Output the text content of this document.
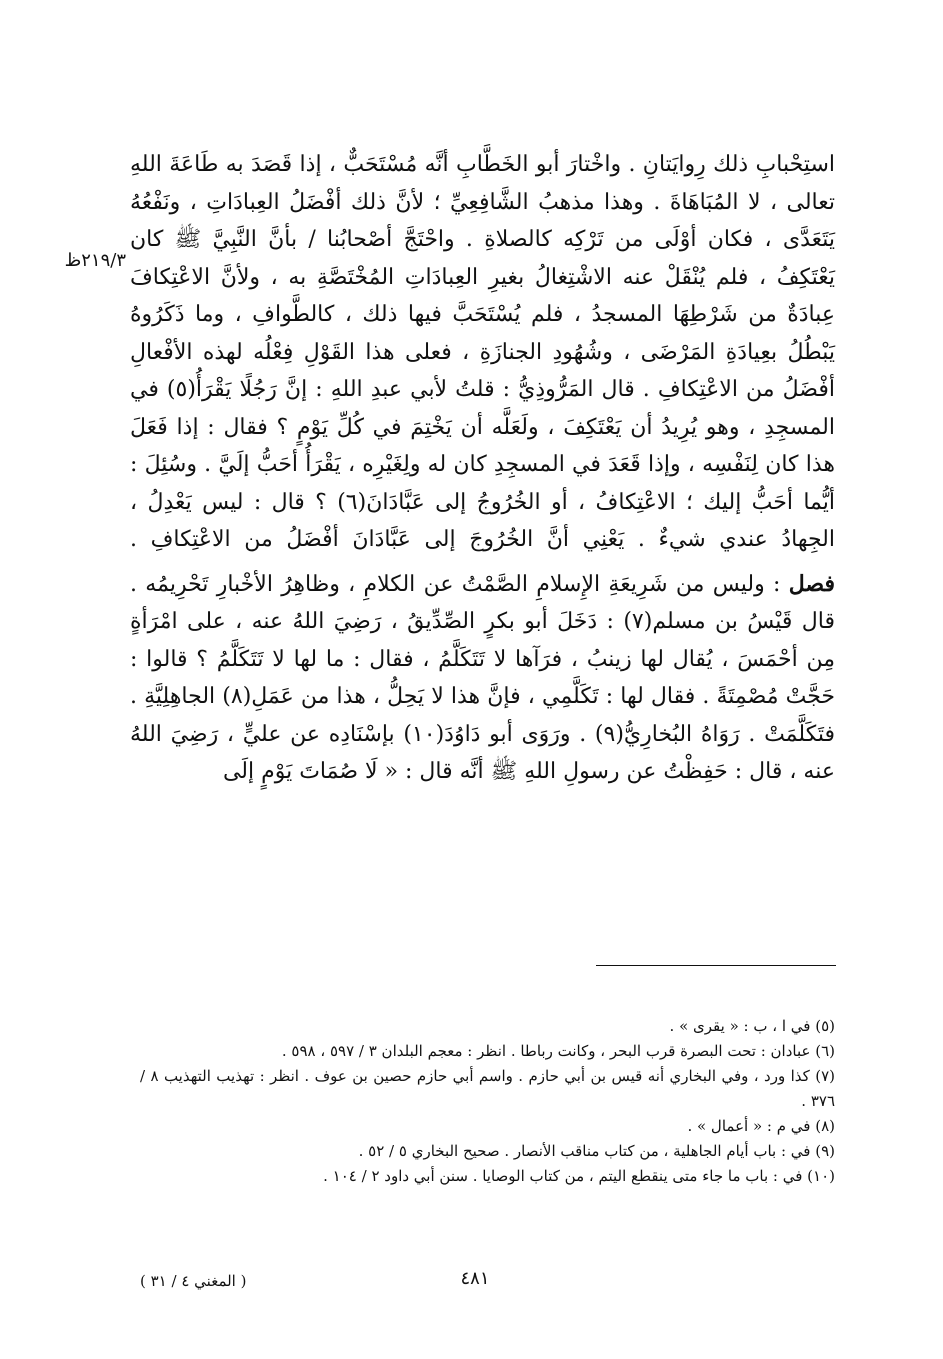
٢١٩/٣ظ

استِحْبابِ ذلك رِوايَتانِ . واخْتارَ أبو الخَطَّابِ أنَّه مُسْتَحَبٌّ ، إذا قَصَدَ به طَاعَةَ اللهِ تعالى ، لا المُبَاهَاةَ . وهذا مذهبُ الشَّافِعِيِّ ؛ لأنَّ ذلك أفْضَلُ العِبادَاتِ ، ونَفْعُهُ يَتَعَدَّى ، فكان أوْلَى من تَرْكِه كالصلاةِ . واحْتَجَّ أصْحابُنا / بأنَّ النَّبِيَّ ﷺ كان يَعْتَكِفُ ، فلم يُنْقَلْ عنه الاشْتِغالُ بغيرِ العِبادَاتِ المُخْتَصَّةِ به ، ولأنَّ الاعْتِكافَ عِبادَةٌ من شَرْطِهَا المسجدُ ، فلم يُسْتَحَبَّ فيها ذلك ، كالطَّوافِ ، وما ذَكَرُوهُ يَبْطُلُ بعِيادَةِ المَرْضَى ، وشُهُودِ الجنازَةِ ، فعلى هذا القَوْلِ فِعْلُه لهذه الأفْعالِ أفْضَلُ من الاعْتِكافِ . قال المَرُّوذِيُّ : قلتُ لأبي عبدِ اللهِ : إنَّ رَجُلًا يَقْرَأُ(٥) في المسجِدِ ، وهو يُرِيدُ أن يَعْتَكِفَ ، ولَعَلَّه أن يَخْتِمَ في كُلِّ يَوْمٍ ؟ فقال : إذا فَعَلَ هذا كان لِنَفْسِه ، وإذا قَعَدَ في المسجِدِ كان له ولِغَيْرِه ، يَقْرَأُ أحَبُّ إلَيَّ . وسُئِلَ : أيُّما أحَبُّ إليك ؛ الاعْتِكافُ ، أو الخُرُوجُ إلى عَبَّادَانَ(٦) ؟ قال : ليس يَعْدِلُ ، الجِهادُ عندي شيءٌ . يَعْنِي أنَّ الخُرُوجَ إلى عَبَّادَانَ أفْضَلُ من الاعْتِكافِ .

فصل : وليس من شَرِيعَةِ الإِسلامِ الصَّمْتُ عن الكلامِ ، وظاهِرُ الأخْبارِ تَحْرِيمُه . قال قَيْسُ بن مسلم(٧) : دَخَلَ أبو بكرٍ الصِّدِّيقُ ، رَضِيَ اللهُ عنه ، على امْرَأةٍ مِن أحْمَسَ ، يُقال لها زينبُ ، فرَآها لا تَتَكَلَّمُ ، فقال : ما لها لا تَتَكَلَّمُ ؟ قالوا : حَجَّتْ مُصْمِتَةً . فقال لها : تَكَلَّمِي ، فإنَّ هذا لا يَحِلُّ ، هذا من عَمَلِ(٨) الجاهِلِيَّةِ . فتَكَلَّمَتْ . رَوَاهُ البُخارِيُّ(٩) . ورَوَى أبو دَاوُدَ(١٠) بإسْنَادِه عن عليٍّ ، رَضِيَ اللهُ عنه ، قال : حَفِظْتُ عن رسولِ اللهِ ﷺ أنَّه قال : « لَا صُمَاتَ يَوْمٍ إلَى

(٥) في ا ، ب : « يقرى » .

(٦) عبادان : تحت البصرة قرب البحر ، وكانت رباطا . انظر : معجم البلدان ٣ / ٥٩٧ ، ٥٩٨ .

(٧) كذا ورد ، وفي البخاري أنه قيس بن أبي حازم . واسم أبي حازم حصين بن عوف . انظر : تهذيب التهذيب ٨ / ٣٧٦ .

(٨) في م : « أعمال » .

(٩) في : باب أيام الجاهلية ، من كتاب مناقب الأنصار . صحيح البخاري ٥ / ٥٢ .

(١٠) في : باب ما جاء متى ينقطع اليتم ، من كتاب الوصايا . سنن أبي داود ٢ / ١٠٤ .

٤٨١
( المغني ٤ / ٣١ )
